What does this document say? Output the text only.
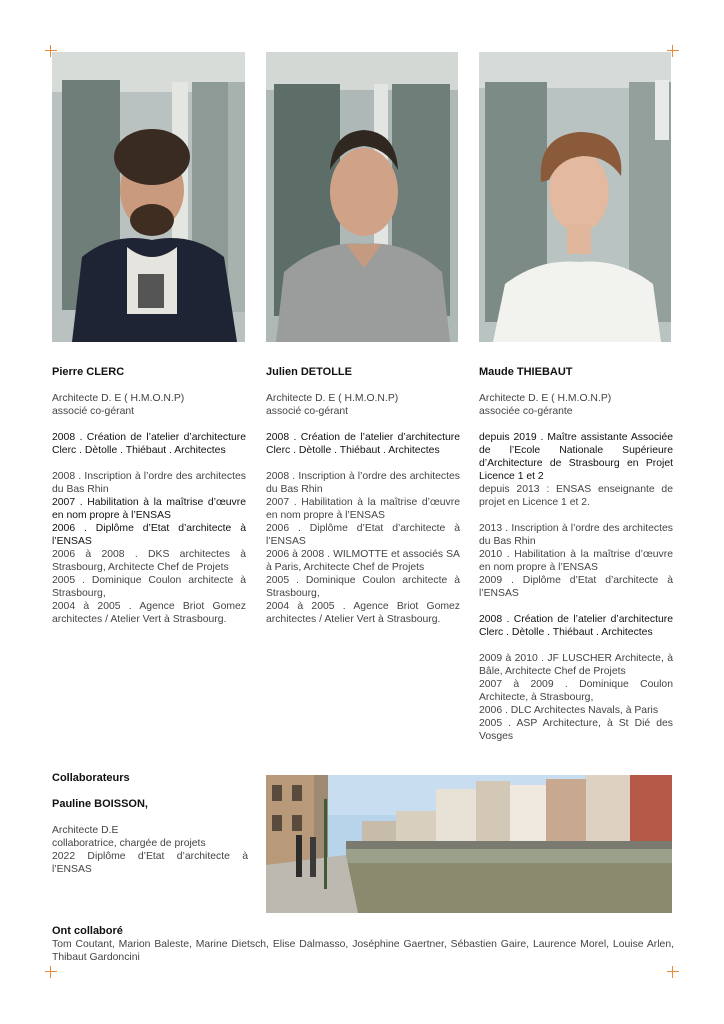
Pierre CLERC

Architecte D. E ( H.M.O.N.P)

associé co-gérant

2008 . Création de l’atelier d’architecture Clerc . Dètolle . Thiébaut . Architectes

2008 . Inscription à l’ordre des architectes du Bas Rhin

2007 . Habilitation à la maîtrise d’œuvre en nom propre à l’ENSAS

2006 . Diplôme d’Etat d’architecte à l’ENSAS

2006 à 2008 . DKS architectes à Strasbourg, Architecte Chef de Projets

2005 . Dominique Coulon architecte à Strasbourg,

2004 à 2005 . Agence Briot Gomez architectes / Atelier Vert à Strasbourg.

Julien DETOLLE

Architecte D. E ( H.M.O.N.P)

associé co-gérant

2008 . Création de l’atelier d’architecture Clerc . Dètolle . Thiébaut . Architectes

2008 . Inscription à l’ordre des architectes du Bas Rhin

2007 . Habilitation à la maîtrise d’œuvre en nom propre à l’ENSAS

2006 . Diplôme d’Etat d’architecte à l’ENSAS

2006 à 2008 . WILMOTTE et associés SA à Paris, Architecte Chef de Projets

2005 . Dominique Coulon architecte à Strasbourg,

2004 à 2005 . Agence Briot Gomez architectes / Atelier Vert à Strasbourg.

Maude THIEBAUT

Architecte D. E ( H.M.O.N.P)

associée co-gérante

depuis 2019 . Maître assistante Associée de l’Ecole Nationale Supérieure d’Architecture de Strasbourg en Projet Licence 1 et 2

depuis 2013 : ENSAS enseignante de projet en Licence 1 et 2.

2013 . Inscription à l’ordre des architectes du Bas Rhin

2010 . Habilitation à la maîtrise d’œuvre en nom propre à l’ENSAS

2009 . Diplôme d’Etat d’architecte à l’ENSAS

2008 . Création de l’atelier d’architecture Clerc . Dètolle . Thiébaut . Architectes

2009 à 2010 . JF LUSCHER Architecte, à Bâle, Architecte Chef de Projets

2007 à 2009 . Dominique Coulon Architecte, à Strasbourg,

2006 . DLC Architectes Navals, à Paris

2005 . ASP Architecture, à St Dié des Vosges

Collaborateurs
Pauline BOISSON,

Architecte D.E

collaboratrice, chargée de projets

2022 Diplôme d’Etat d’architecte à l’ENSAS

Ont collaboré

Tom Coutant, Marion Baleste, Marine Dietsch, Elise Dalmasso, Joséphine Gaertner, Sébastien Gaire, Laurence Morel, Louise Arlen, Thibaut Gardoncini
